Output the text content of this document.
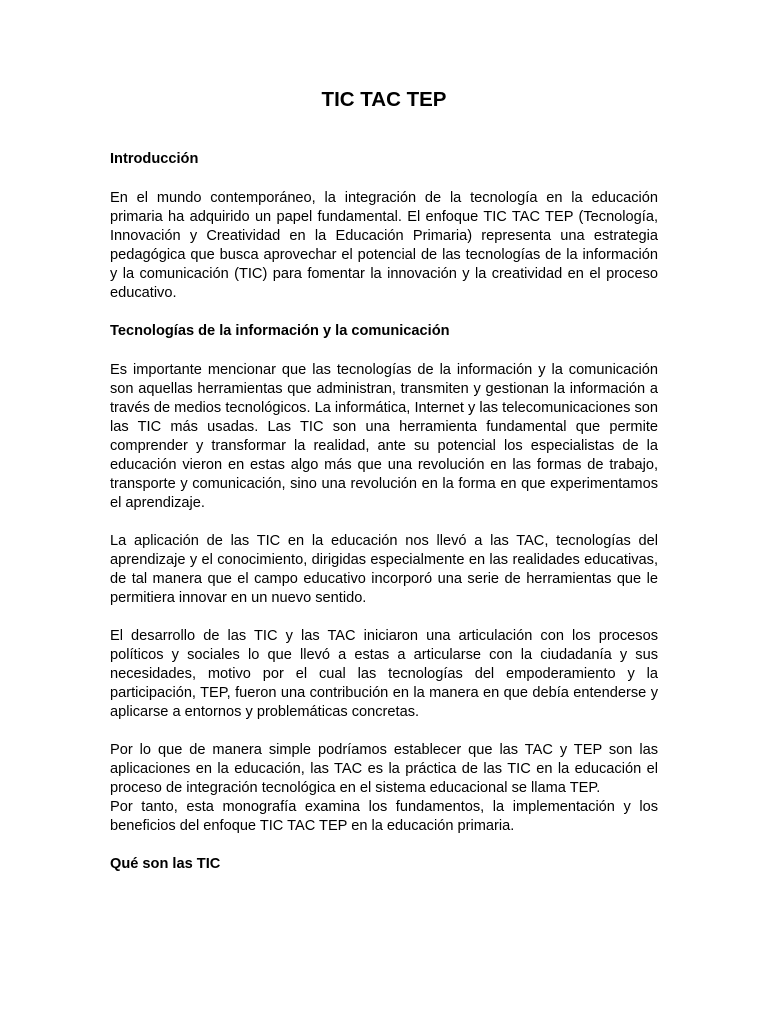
TIC TAC TEP
Introducción

En el mundo contemporáneo, la integración de la tecnología en la educación primaria ha adquirido un papel fundamental. El enfoque TIC TAC TEP (Tecnología, Innovación y Creatividad en la Educación Primaria) representa una estrategia pedagógica que busca aprovechar el potencial de las tecnologías de la información y la comunicación (TIC) para fomentar la innovación y la creatividad en el proceso educativo.

Tecnologías de la información y la comunicación

Es importante mencionar que las tecnologías de la información y la comunicación son aquellas herramientas que administran, transmiten y gestionan la información a través de medios tecnológicos. La informática, Internet y las telecomunicaciones son las TIC más usadas. Las TIC son una herramienta fundamental que permite comprender y transformar la realidad, ante su potencial los especialistas de la educación vieron en estas algo más que una revolución en las formas de trabajo, transporte y comunicación, sino una revolución en la forma en que experimentamos el aprendizaje.

La aplicación de las TIC en la educación nos llevó a las TAC, tecnologías del aprendizaje y el conocimiento, dirigidas especialmente en las realidades educativas, de tal manera que el campo educativo incorporó una serie de herramientas que le permitiera innovar en un nuevo sentido.

El desarrollo de las TIC y las TAC iniciaron una articulación con los procesos políticos y sociales lo que llevó a estas a articularse con la ciudadanía y sus necesidades, motivo por el cual las tecnologías del empoderamiento y la participación, TEP, fueron una contribución en la manera en que debía entenderse y aplicarse a entornos y problemáticas concretas.

Por lo que de manera simple podríamos establecer que las TAC y TEP son las aplicaciones en la educación, las TAC es la práctica de las TIC en la educación el proceso de integración tecnológica en el sistema educacional se llama TEP.

Por tanto, esta monografía examina los fundamentos, la implementación y los beneficios del enfoque TIC TAC TEP en la educación primaria.

Qué son las TIC
